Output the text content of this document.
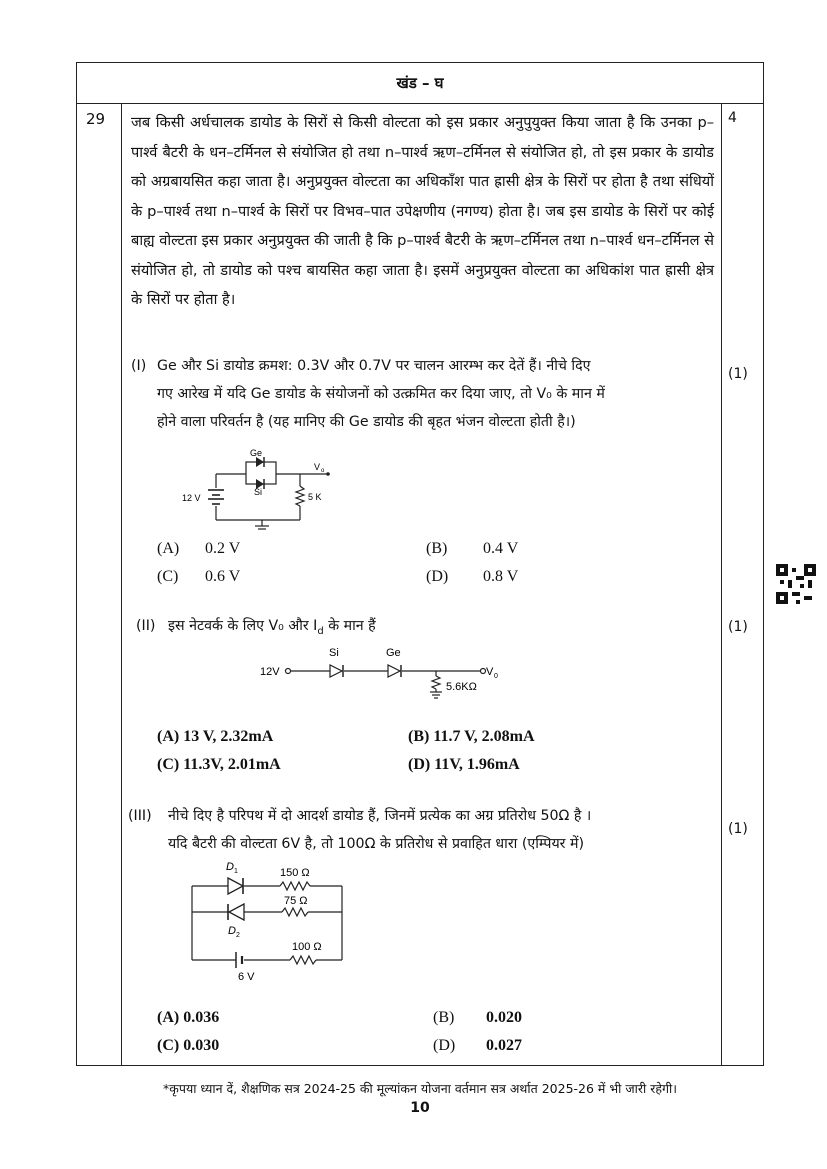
खंड – घ
29	4
जब किसी अर्धचालक डायोड के सिरों से किसी वोल्टता को इस प्रकार अनुपुयुक्त किया जाता है कि उनका p–पार्श्व बैटरी के धन–टर्मिनल से संयोजित हो तथा n–पार्श्व ऋण–टर्मिनल से संयोजित हो, तो इस प्रकार के डायोड को अग्रबायसित कहा जाता है। अनुप्रयुक्त वोल्टता का अधिकाँश पात ह्रासी क्षेत्र के सिरों पर होता है तथा संधियों के p–पार्श्व तथा n–पार्श्व के सिरों पर विभव–पात उपेक्षणीय (नगण्य) होता है। जब इस डायोड के सिरों पर कोई बाह्य वोल्टता इस प्रकार अनुप्रयुक्त की जाती है कि p–पार्श्व बैटरी के ऋण–टर्मिनल तथा n–पार्श्व धन–टर्मिनल से संयोजित हो, तो डायोड को पश्च बायसित कहा जाता है। इसमें अनुप्रयुक्त वोल्टता का अधिकांश पात ह्रासी क्षेत्र के सिरों पर होता है।
(I) Ge और Si डायोड क्रमश: 0.3V और 0.7V पर चालन आरम्भ कर देतें हैं। नीचे दिए
गए आरेख में यदि Ge डायोड के संयोजनों को उत्क्रमित कर दिया जाए, तो V₀ के मान में
होने वाला परिवर्तन है (यह मानिए की Ge डायोड की बृहत भंजन वोल्टता होती है।)
(1)
Ge
Si
V o
12 V	5 K
(A) 0.2 V	(B) 0.4 V
(C) 0.6 V	(D) 0.8 V
(II) इस नेटवर्क के लिए V₀ और $I_d$ के मान हैं	(1)
12V
Si	Ge
V 0
5.6KΩ
(A) 13 V, 2.32mA	(B) 11.7 V, 2.08mA
(C) 11.3V, 2.01mA	(D) 11V, 1.96mA
(III) नीचे दिए है परिपथ में दो आदर्श डायोड हैं, जिनमें प्रत्येक का अग्र प्रतिरोध 50Ω है ।
यदि बैटरी की वोल्टता 6V है, तो 100Ω के प्रतिरोध से प्रवाहित धारा (एम्पियर में)
(1)
D 1
D 2
150 Ω
75 Ω
100 Ω
6 V
(A) 0.036	(B) 0.020
(C) 0.030	(D) 0.027
*कृपया ध्यान दें, शैक्षणिक सत्र 2024-25 की मूल्यांकन योजना वर्तमान सत्र अर्थात 2025-26 में भी जारी रहेगी।
10
